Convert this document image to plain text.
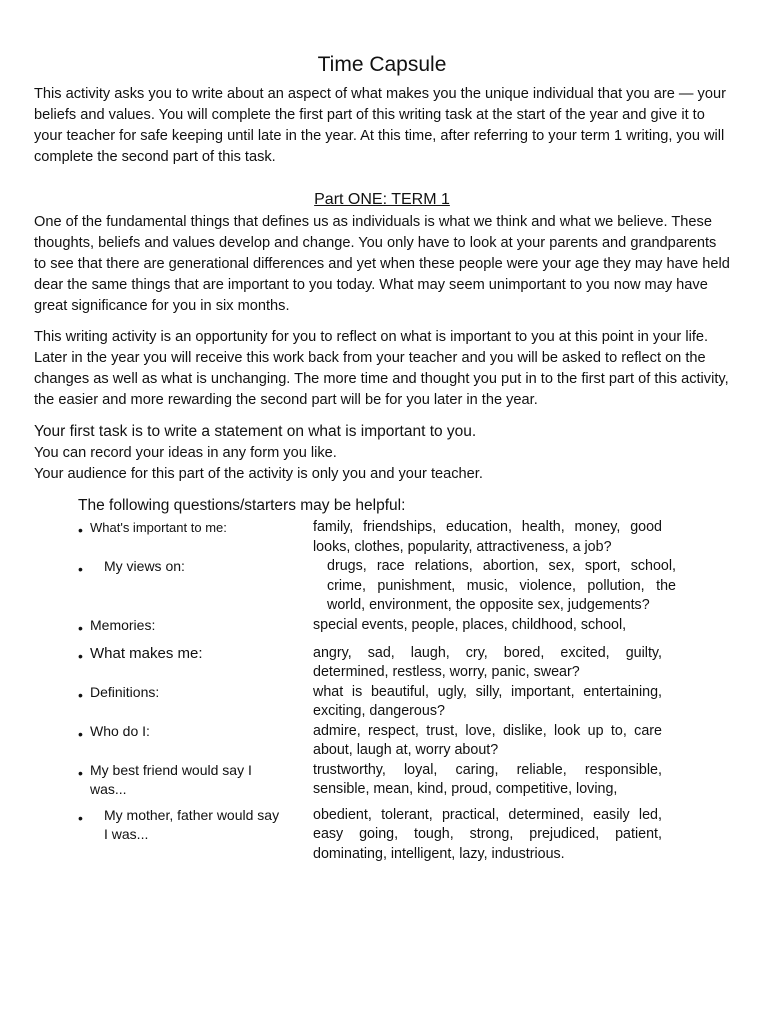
Time Capsule

This activity asks you to write about an aspect of what makes you the unique individual that you are — your beliefs and values. You will complete the first part of this writing task at the start of the year and give it to your teacher for safe keeping until late in the year. At this time, after referring to your term 1 writing, you will complete the second part of this task.

Part ONE: TERM 1

One of the fundamental things that defines us as individuals is what we think and what we believe. These thoughts, beliefs and values develop and change. You only have to look at your parents and grandparents to see that there are generational differences and yet when these people were your age they may have held dear the same things that are important to you today. What may seem unimportant to you now may have great significance for you in six months.

This writing activity is an opportunity for you to reflect on what is important to you at this point in your life. Later in the year you will receive this work back from your teacher and you will be asked to reflect on the changes as well as what is unchanging. The more time and thought you put in to the first part of this activity, the easier and more rewarding the second part will be for you later in the year.

Your first task is to write a statement on what is important to you.

You can record your ideas in any form you like.

Your audience for this part of the activity is only you and your teacher.

The following questions/starters may be helpful:
• What's important to me:	family, friendships, education, health, money, good looks, clothes, popularity, attractiveness, a job?
•	My views on:	drugs, race relations, abortion, sex, sport, school, crime, punishment, music, violence, pollution, the world, environment, the opposite sex, judgements?
• Memories:	special events, people, places, childhood, school,
• What makes me:	angry, sad, laugh, cry, bored, excited, guilty, determined, restless, worry, panic, swear?
• Definitions:	what is beautiful, ugly, silly, important, entertaining, exciting, dangerous?
• Who do I:	admire, respect, trust, love, dislike, look up to, care about, laugh at, worry about?
• My best friend would say I was...
trustworthy, loyal, caring, reliable, responsible, sensible, mean, kind, proud, competitive, loving,
•	My mother, father would say I was...
obedient, tolerant, practical, determined, easily led, easy going, tough, strong, prejudiced, patient, dominating, intelligent, lazy, industrious.
